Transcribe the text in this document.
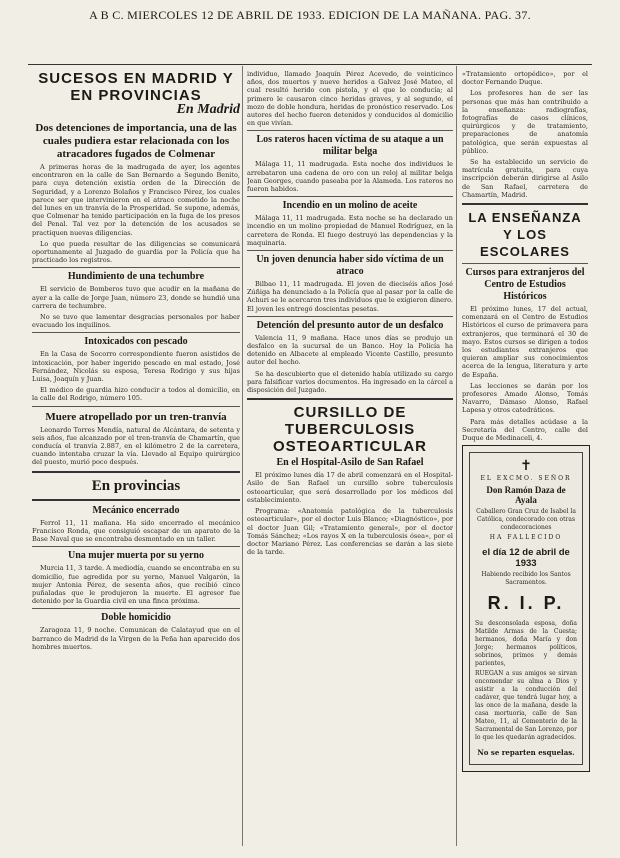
A B C. MIERCOLES 12 DE ABRIL DE 1933. EDICION DE LA MAÑANA. PAG. 37.
SUCESOS EN MADRID Y EN PROVINCIAS
En Madrid
Dos detenciones de importancia, una de las cuales pudiera estar relacionada con los atracadores fugados de Colmenar

A primeras horas de la madrugada de ayer, los agentes encontraron en la calle de San Bernardo a Segundo Benito, para cuya detención existía orden de la Dirección de Seguridad, y a Lorenzo Bolaños y Francisco Pérez, los cuales parece ser que intervinieron en el atraco cometido la noche del lunes en un tranvía de la Prosperidad. Se supone, además, que Colmenar ha tenido participación en la fuga de los presos del Penal. Tal vez por la detención de los acusados se practiquen nuevas diligencias.

Lo que pueda resultar de las diligencias se comunicará oportunamente al Juzgado de guardia por la Policía que ha practicado los registros.

Hundimiento de una techumbre

El servicio de Bomberos tuvo que acudir en la mañana de ayer a la calle de Jorge Juan, número 23, donde se hundió una carrera de techumbre.

No se tuvo que lamentar desgracias personales por haber evacuado los inquilinos.

Intoxicados con pescado

En la Casa de Socorro correspondiente fueron asistidos de intoxicación, por haber ingerido pescado en mal estado, José Fernández, Nicolás su esposa, Teresa Rodrigo y sus hijas Luisa, Joaquín y Juan.

El médico de guardia hizo conducir a todos al domicilio, en la calle del Rodrigo, número 105.

Muere atropellado por un tren-tranvía

Leonardo Torres Mendía, natural de Alcántara, de setenta y seis años, fue alcanzado por el tren-tranvía de Chamartín, que conducía el tranvía 2.887, en el kilómetro 2 de la carretera, cuando intentaba cruzar la vía. Llevado al Equipo quirúrgico del puesto, murió poco después.

En provincias
Mecánico encerrado

Ferrol 11, 11 mañana. Ha sido encerrado el mecánico Francisco Ronda, que consiguió escapar de un aparato de la Base Naval que se encontraba desmontado en un taller.

Una mujer muerta por su yerno

Murcia 11, 3 tarde. A mediodía, cuando se encontraba en su domicilio, fue agredida por su yerno, Manuel Valgarón, la mujer Antonia Pérez, de sesenta años, que recibió cinco puñaladas que le produjeron la muerte. El agresor fue detenido por la Guardia civil en una finca próxima.

Doble homicidio

Zaragoza 11, 9 noche. Comunican de Calatayud que en el barranco de Madrid de la Virgen de la Peña han aparecido dos hombres muertos.

individuo, llamado Joaquín Pérez Acevedo, de veinticinco años, dos muertos y nueve heridos a Galvez José Mateo, el cual resultó herido con pistola, y el que lo conducía; al primero le causaron cinco heridas graves, y al segundo, el mozo de doble hondura, heridas de pronóstico reservado. Los autores del hecho fueron detenidos y conducidos al domicilio en que vivían.

Los rateros hacen víctima de su ataque a un militar belga

Málaga 11, 11 madrugada. Esta noche dos individuos le arrebataron una cadena de oro con un reloj al militar belga Jean Georges, cuando paseaba por la Alameda. Los rateros no fueron habidos.

Incendio en un molino de aceite

Málaga 11, 11 madrugada. Esta noche se ha declarado un incendio en un molino propiedad de Manuel Rodríguez, en la carretera de Ronda. El fuego destruyó las dependencias y la maquinaria.

Un joven denuncia haber sido víctima de un atraco

Bilbao 11, 11 madrugada. El joven de dieciséis años José Zúñiga ha denunciado a la Policía que al pasar por la calle de Achuri se le acercaron tres individuos que le exigieron dinero. El joven les entregó doscientas pesetas.

Detención del presunto autor de un desfalco

Valencia 11, 9 mañana. Hace unos días se produjo un desfalco en la sucursal de un Banco. Hoy la Policía ha detenido en Albacete al empleado Vicente Castillo, presunto autor del hecho.

Se ha descubierto que el detenido había utilizado su cargo para falsificar varios documentos. Ha ingresado en la cárcel a disposición del Juzgado.

CURSILLO DE TUBERCULOSIS OSTEOARTICULAR
En el Hospital-Asilo de San Rafael

El próximo lunes día 17 de abril comenzará en el Hospital-Asilo de San Rafael un cursillo sobre tuberculosis osteoarticular, que será desarrollado por los médicos del establecimiento.

Programa: «Anatomía patológica de la tuberculosis osteoarticular», por el doctor Luis Blanco; «Diagnóstico», por el doctor Juan Gil; «Tratamiento general», por el doctor Tomás Sánchez; «Los rayos X en la tuberculosis ósea», por el doctor Mariano Pérez. Las conferencias se darán a las siete de la tarde.

«Tratamiento ortopédico», por el doctor Fernando Duque.

Los profesores han de ser las personas que más han contribuido a la enseñanza: radiografías, fotografías de casos clínicos, quirúrgicos y de tratamiento, preparaciones de anatomía patológica, que serán expuestas al público.

Se ha establecido un servicio de matrícula gratuita, para cuya inscripción deberán dirigirse al Asilo de San Rafael, carretera de Chamartín, Madrid.

LA ENSEÑANZA Y LOS ESCOLARES
Cursos para extranjeros del Centro de Estudios Históricos

El próximo lunes, 17 del actual, comenzará en el Centro de Estudios Históricos el curso de primavera para extranjeros, que terminará el 30 de mayo. Estos cursos se dirigen a todos los estudiantes extranjeros que quieran ampliar sus conocimientos acerca de la lengua, literatura y arte de España.

Las lecciones se darán por los profesores Amado Alonso, Tomás Navarro, Dámaso Alonso, Rafael Lapesa y otros catedráticos.

Para más detalles acúdase a la Secretaría del Centro, calle del Duque de Medinaceli, 4.

✝
EL EXCMO. SEÑOR
Don Ramón Daza de Ayala
Caballero Gran Cruz de Isabel la Católica, condecorado con otras condecoraciones
HA FALLECIDO
el día 12 de abril de 1933
Habiendo recibido los Santos Sacramentos.
R. I. P.
Su desconsolada esposa, doña Matilde Armas de la Cuesta; hermanos, doña María y don Jorge; hermanos políticos, sobrinos, primos y demás parientes,
RUEGAN a sus amigos se sirvan encomendar su alma a Dios y asistir a la conducción del cadáver, que tendrá lugar hoy, a las once de la mañana, desde la casa mortuoria, calle de San Mateo, 11, al Cementerio de la Sacramental de San Lorenzo, por lo que les quedarán agradecidos.
No se reparten esquelas.
